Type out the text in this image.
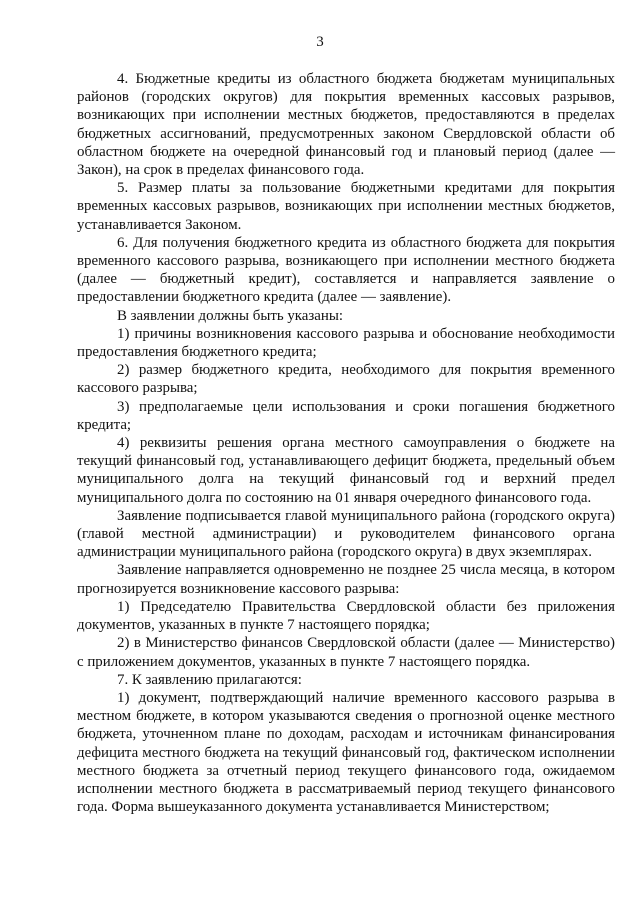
3

4. Бюджетные кредиты из областного бюджета бюджетам муниципальных районов (городских округов) для покрытия временных кассовых разрывов, возникающих при исполнении местных бюджетов, предоставляются в пределах бюджетных ассигнований, предусмотренных законом Свердловской области об областном бюджете на очередной финансовый год и плановый период (далее — Закон), на срок в пределах финансового года.

5. Размер платы за пользование бюджетными кредитами для покрытия временных кассовых разрывов, возникающих при исполнении местных бюджетов, устанавливается Законом.

6. Для получения бюджетного кредита из областного бюджета для покрытия временного кассового разрыва, возникающего при исполнении местного бюджета (далее — бюджетный кредит), составляется и направляется заявление о предоставлении бюджетного кредита (далее — заявление).

В заявлении должны быть указаны:

1) причины возникновения кассового разрыва и обоснование необходимости предоставления бюджетного кредита;

2) размер бюджетного кредита, необходимого для покрытия временного кассового разрыва;

3) предполагаемые цели использования и сроки погашения бюджетного кредита;

4) реквизиты решения органа местного самоуправления о бюджете на текущий финансовый год, устанавливающего дефицит бюджета, предельный объем муниципального долга на текущий финансовый год и верхний предел муниципального долга по состоянию на 01 января очередного финансового года.

Заявление подписывается главой муниципального района (городского округа) (главой местной администрации) и руководителем финансового органа администрации муниципального района (городского округа) в двух экземплярах.

Заявление направляется одновременно не позднее 25 числа месяца, в котором прогнозируется возникновение кассового разрыва:

1) Председателю Правительства Свердловской области без приложения документов, указанных в пункте 7 настоящего порядка;

2) в Министерство финансов Свердловской области (далее — Министерство) с приложением документов, указанных в пункте 7 настоящего порядка.

7. К заявлению прилагаются:

1) документ, подтверждающий наличие временного кассового разрыва в местном бюджете, в котором указываются сведения о прогнозной оценке местного бюджета, уточненном плане по доходам, расходам и источникам финансирования дефицита местного бюджета на текущий финансовый год, фактическом исполнении местного бюджета за отчетный период текущего финансового года, ожидаемом исполнении местного бюджета в рассматриваемый период текущего финансового года. Форма вышеуказанного документа устанавливается Министерством;
